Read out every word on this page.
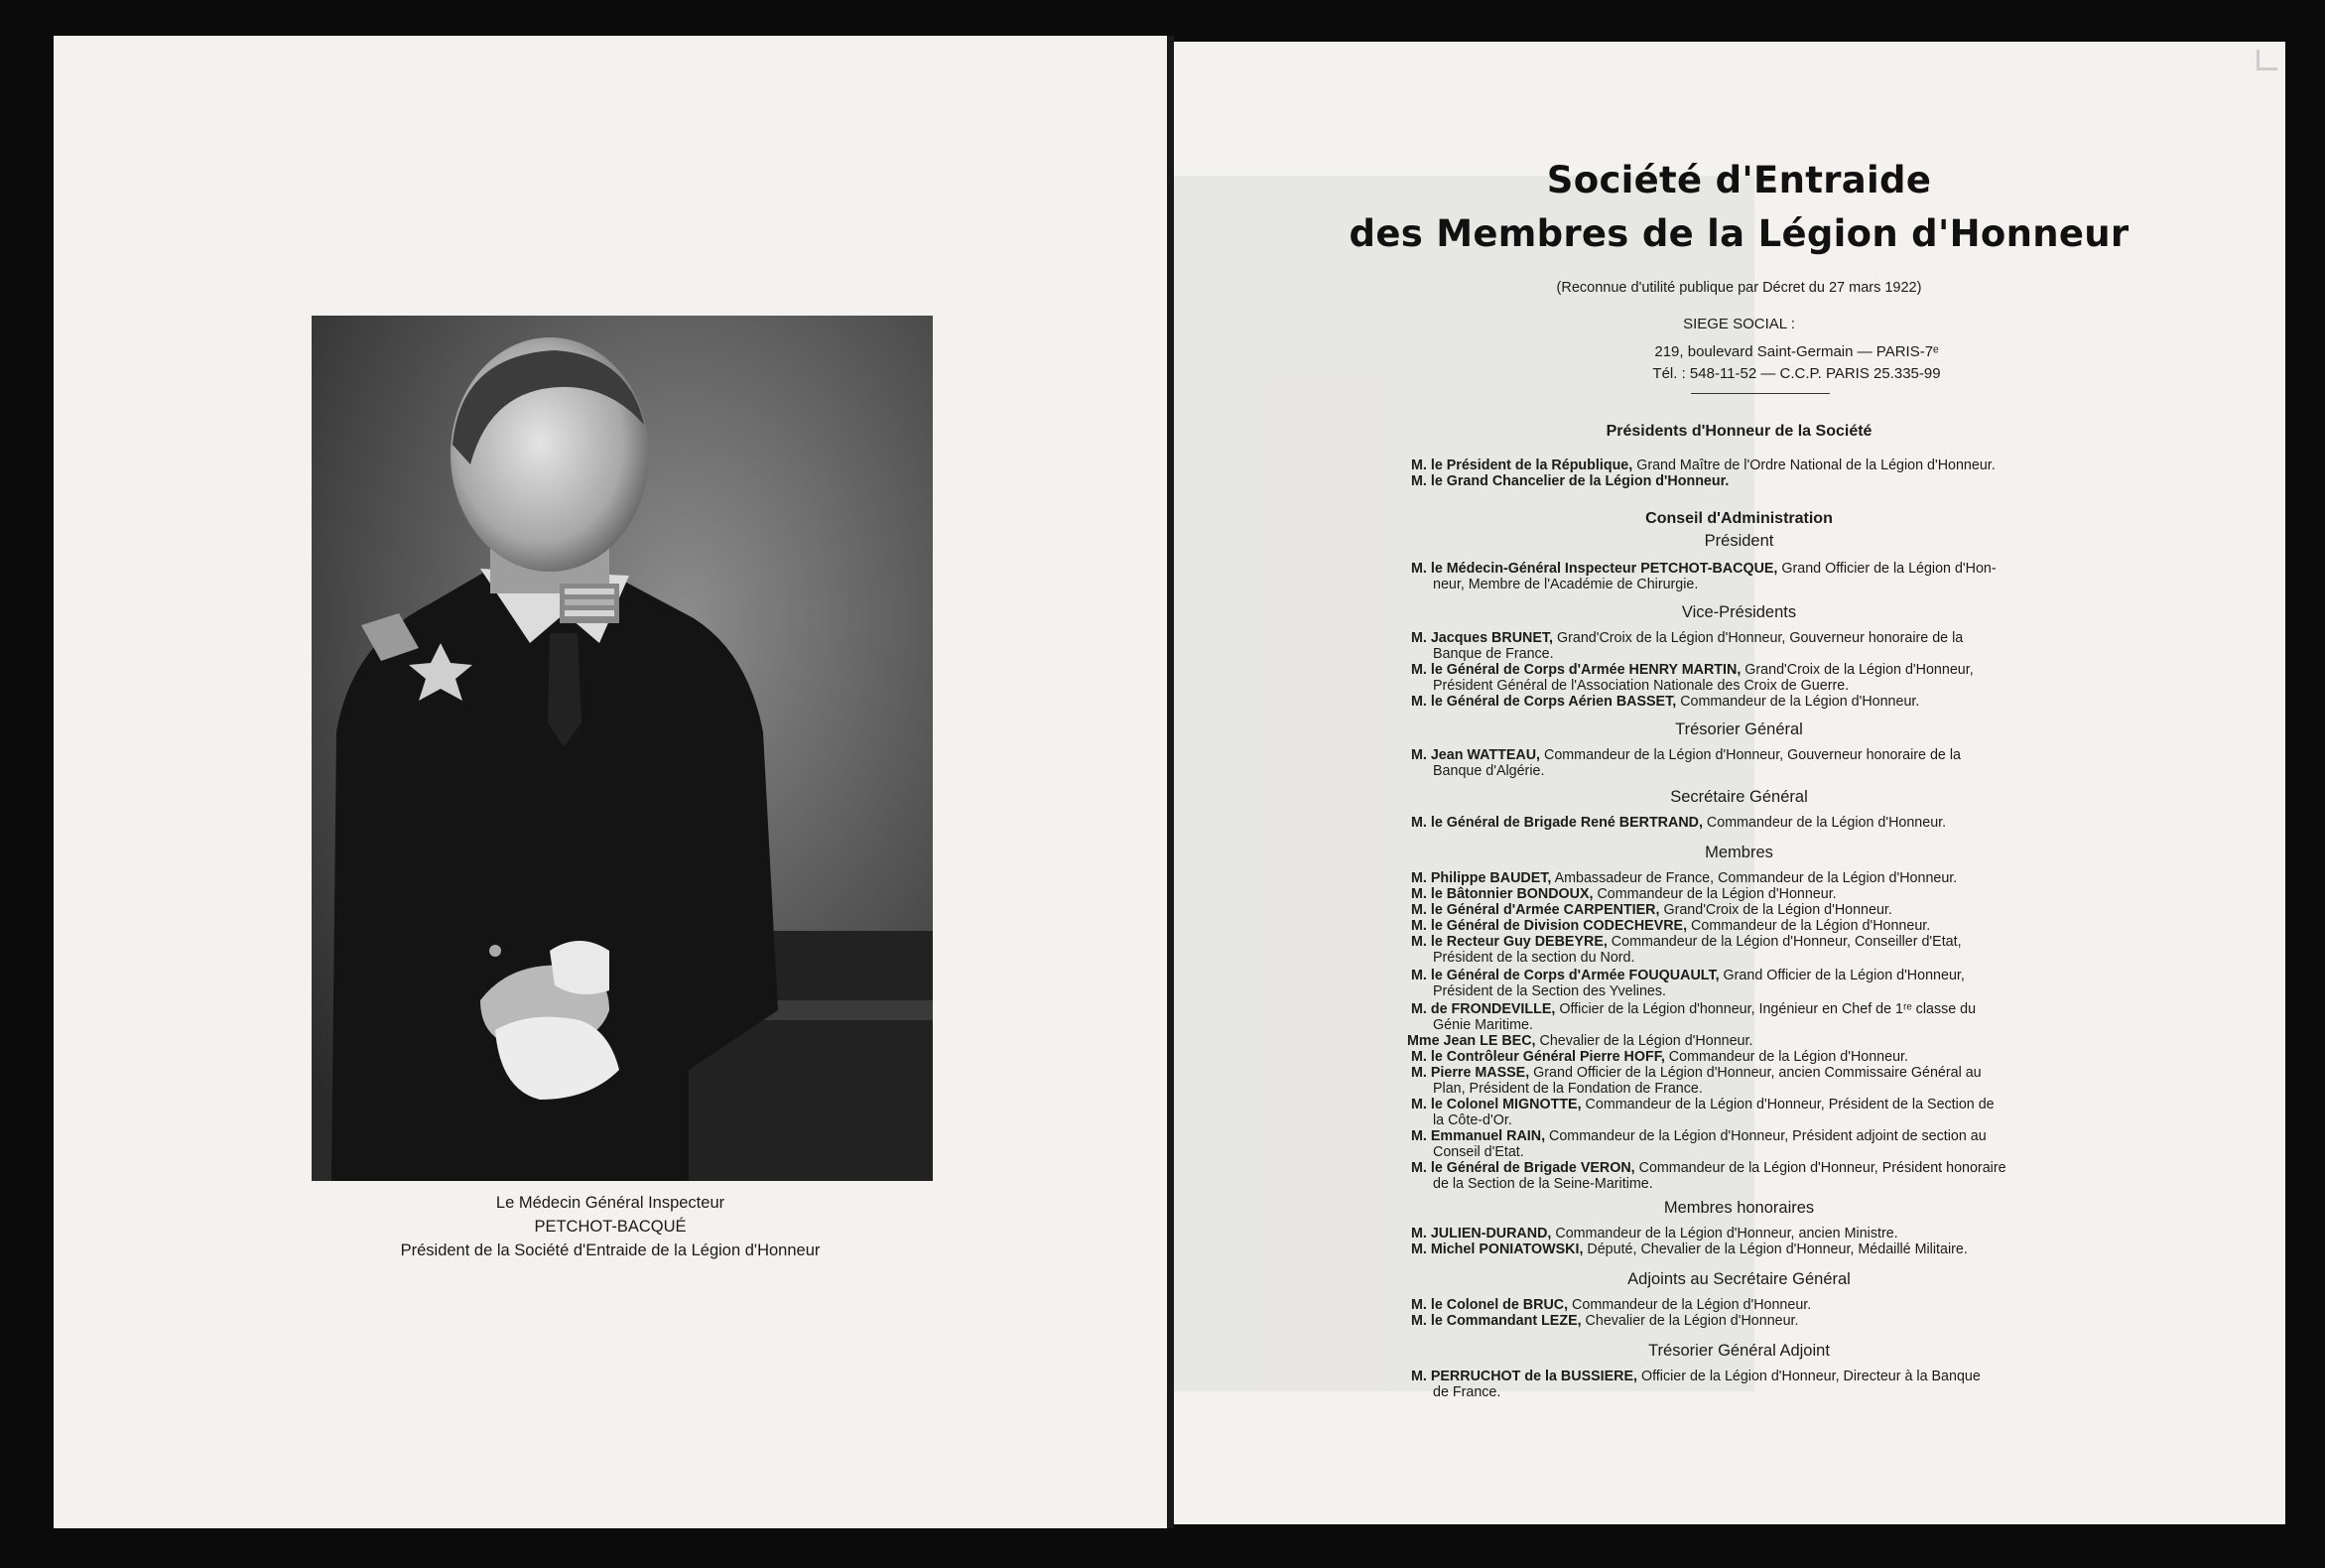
Le Médecin Général Inspecteur
PETCHOT-BACQUÉ
Président de la Société d'Entraide de la Légion d'Honneur
Société d'Entraide
des Membres de la Légion d'Honneur
(Reconnue d'utilité publique par Décret du 27 mars 1922)
SIEGE SOCIAL :
219, boulevard Saint-Germain — PARIS-7ᵉ
Tél. : 548-11-52 — C.C.P. PARIS 25.335-99
Présidents d'Honneur de la Société
M. le Président de la République, Grand Maître de l'Ordre National de la Légion d'Honneur.
M. le Grand Chancelier de la Légion d'Honneur.
Conseil d'Administration
Président
M. le Médecin-Général Inspecteur PETCHOT-BACQUE, Grand Officier de la Légion d'Hon-
neur, Membre de l'Académie de Chirurgie.
Vice-Présidents
M. Jacques BRUNET, Grand'Croix de la Légion d'Honneur, Gouverneur honoraire de la
Banque de France.
M. le Général de Corps d'Armée HENRY MARTIN, Grand'Croix de la Légion d'Honneur,
Président Général de l'Association Nationale des Croix de Guerre.
M. le Général de Corps Aérien BASSET, Commandeur de la Légion d'Honneur.
Trésorier Général
M. Jean WATTEAU, Commandeur de la Légion d'Honneur, Gouverneur honoraire de la
Banque d'Algérie.
Secrétaire Général
M. le Général de Brigade René BERTRAND, Commandeur de la Légion d'Honneur.
Membres
M. Philippe BAUDET, Ambassadeur de France, Commandeur de la Légion d'Honneur.
M. le Bâtonnier BONDOUX, Commandeur de la Légion d'Honneur.
M. le Général d'Armée CARPENTIER, Grand'Croix de la Légion d'Honneur.
M. le Général de Division CODECHEVRE, Commandeur de la Légion d'Honneur.
M. le Recteur Guy DEBEYRE, Commandeur de la Légion d'Honneur, Conseiller d'Etat,
Président de la section du Nord.
M. le Général de Corps d'Armée FOUQUAULT, Grand Officier de la Légion d'Honneur,
Président de la Section des Yvelines.
M. de FRONDEVILLE, Officier de la Légion d'honneur, Ingénieur en Chef de 1ʳᵉ classe du
Génie Maritime.
Mme Jean LE BEC, Chevalier de la Légion d'Honneur.
M. le Contrôleur Général Pierre HOFF, Commandeur de la Légion d'Honneur.
M. Pierre MASSE, Grand Officier de la Légion d'Honneur, ancien Commissaire Général au
Plan, Président de la Fondation de France.
M. le Colonel MIGNOTTE, Commandeur de la Légion d'Honneur, Président de la Section de
la Côte-d'Or.
M. Emmanuel RAIN, Commandeur de la Légion d'Honneur, Président adjoint de section au
Conseil d'Etat.
M. le Général de Brigade VERON, Commandeur de la Légion d'Honneur, Président honoraire
de la Section de la Seine-Maritime.
Membres honoraires
M. JULIEN-DURAND, Commandeur de la Légion d'Honneur, ancien Ministre.
M. Michel PONIATOWSKI, Député, Chevalier de la Légion d'Honneur, Médaillé Militaire.
Adjoints au Secrétaire Général
M. le Colonel de BRUC, Commandeur de la Légion d'Honneur.
M. le Commandant LEZE, Chevalier de la Légion d'Honneur.
Trésorier Général Adjoint
M. PERRUCHOT de la BUSSIERE, Officier de la Légion d'Honneur, Directeur à la Banque
de France.
